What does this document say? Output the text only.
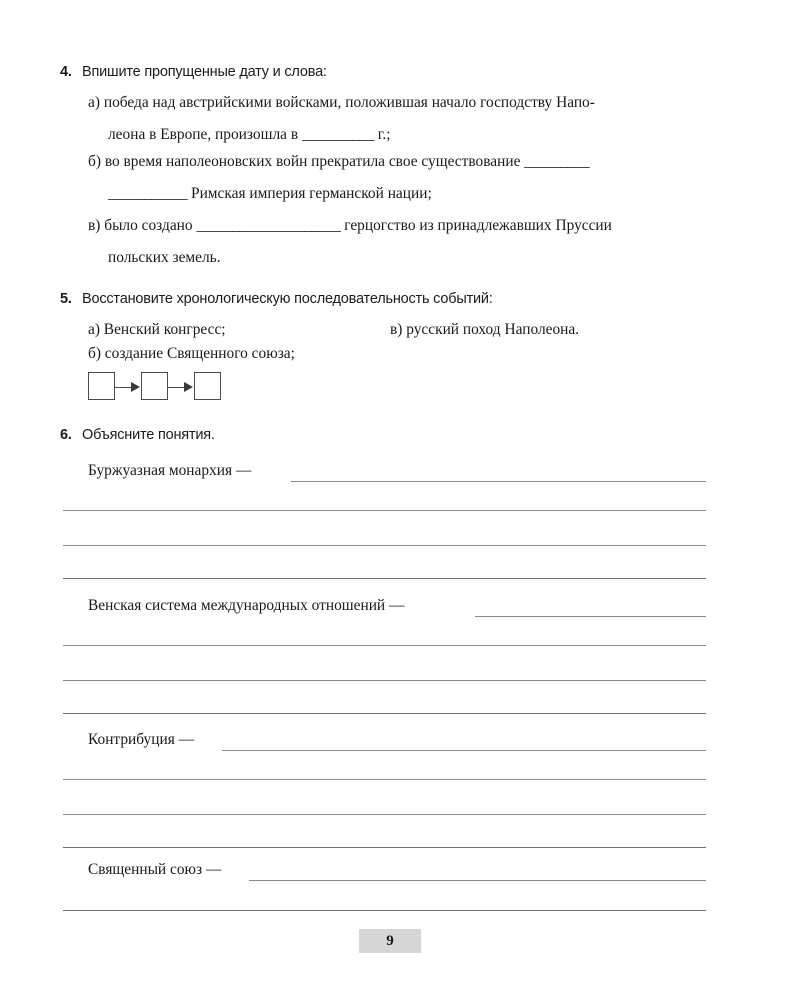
4. Впишите пропущенные дату и слова:
а) победа над австрийскими войсками, положившая начало господству Напо-
леона в Европе, произошла в __________ г.;
б) во время наполеоновских войн прекратила свое существование _________
___________ Римская империя германской нации;
в) было создано ____________________ герцогство из принадлежавших Пруссии
польских земель.
5. Восстановите хронологическую последовательность событий:
а) Венский конгресс;
б) создание Священного союза;
в) русский поход Наполеона.
6. Объясните понятия.
Буржуазная монархия —
Венская система международных отношений —
Контрибуция —
Священный союз —
9
